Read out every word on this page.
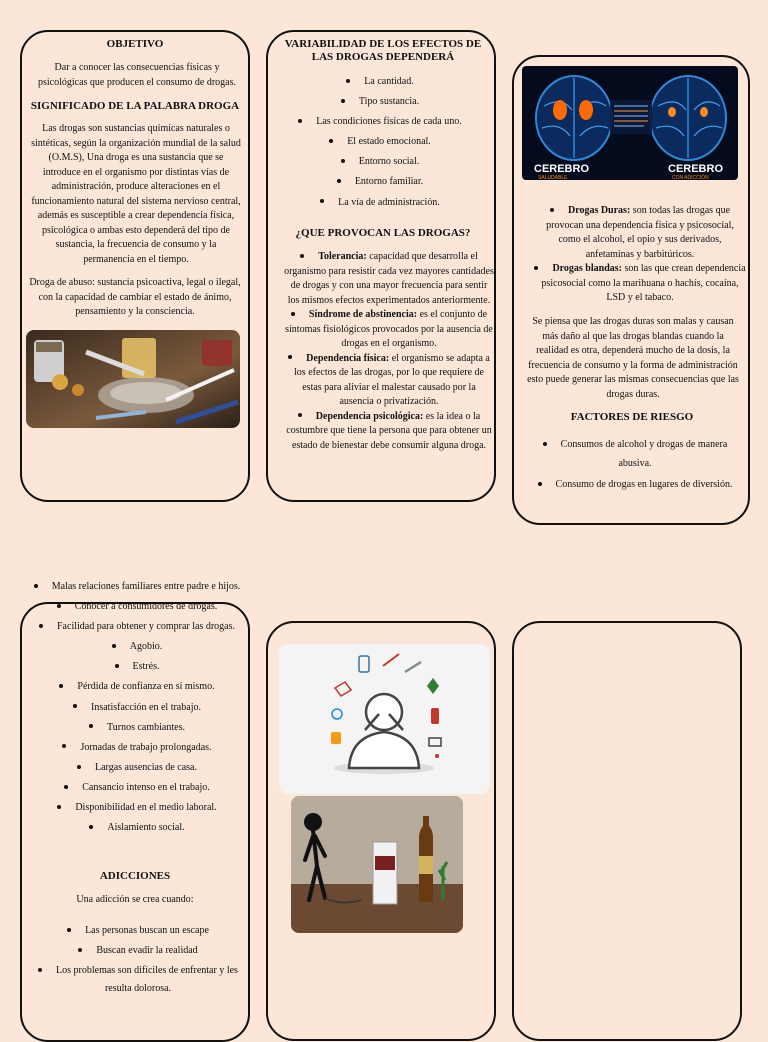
OBJETIVO
Dar a conocer las consecuencias físicas y psicológicas que producen el consumo de drogas.
SIGNIFICADO DE LA PALABRA DROGA
Las drogas son sustancias químicas naturales o sintéticas, según la organización mundial de la salud (O.M.S), Una droga es una sustancia que se introduce en el organismo por distintas vías de administración, produce alteraciones en el funcionamiento natural del sistema nervioso central, además es susceptible a crear dependencia física, psicológica o ambas esto dependerá del tipo de sustancia, la frecuencia de consumo y la permanencia en el tiempo.
Droga de abuso: sustancia psicoactiva, legal o ilegal, con la capacidad de cambiar el estado de ánimo, pensamiento y la consciencia.
VARIABILIDAD DE LOS EFECTOS DE LAS DROGAS DEPENDERÁ
La cantidad.
Tipo sustancia.
Las condiciones físicas de cada uno.
El estado emocional.
Entorno social.
Entorno familiar.
La vía de administración.
¿QUE PROVOCAN LAS DROGAS?
Tolerancia: capacidad que desarrolla el organismo para resistir cada vez mayores cantidades de drogas y con una mayor frecuencia para sentir los mismos efectos experimentados anteriormente.
Síndrome de abstinencia: es el conjunto de síntomas fisiológicos provocados por la ausencia de drogas en el organismo.
Dependencia física: el organismo se adapta a los efectos de las drogas, por lo que requiere de estas para aliviar el malestar causado por la ausencia o privatización.
Dependencia psicológica: es la idea o la costumbre que tiene la persona que para obtener un estado de bienestar debe consumir alguna droga.
CEREBRO
SALUDABLE
CEREBRO
CON ADICCIÓN
Drogas Duras: son todas las drogas que provocan una dependencia física y psicosocial, como el alcohol, el opio y sus derivados, anfetaminas y barbitúricos.
Drogas blandas: son las que crean dependencia psicosocial como la marihuana o hachís, cocaína, LSD y el tabaco.
Se piensa que las drogas duras son malas y causan más daño al que las drogas blandas cuando la realidad es otra, dependerá mucho de la dosis, la frecuencia de consumo y la forma de administración esto puede generar las mismas consecuencias que las drogas duras.
FACTORES DE RIESGO
Consumos de alcohol y drogas de manera abusiva.
Consumo de drogas en lugares de diversión.
Malas relaciones familiares entre padre e hijos.
Conocer a consumidores de drogas.
Facilidad para obtener y comprar las drogas.
Agobio.
Estrés.
Pérdida de confianza en sí mismo.
Insatisfacción en el trabajo.
Turnos cambiantes.
Jornadas de trabajo prolongadas.
Largas ausencias de casa.
Cansancio intenso en el trabajo.
Disponibilidad en el medio laboral.
Aislamiento social.
ADICCIONES
Una adicción se crea cuando:
Las personas buscan un escape
Buscan evadir la realidad
Los problemas son difíciles de enfrentar y les resulta dolorosa.
